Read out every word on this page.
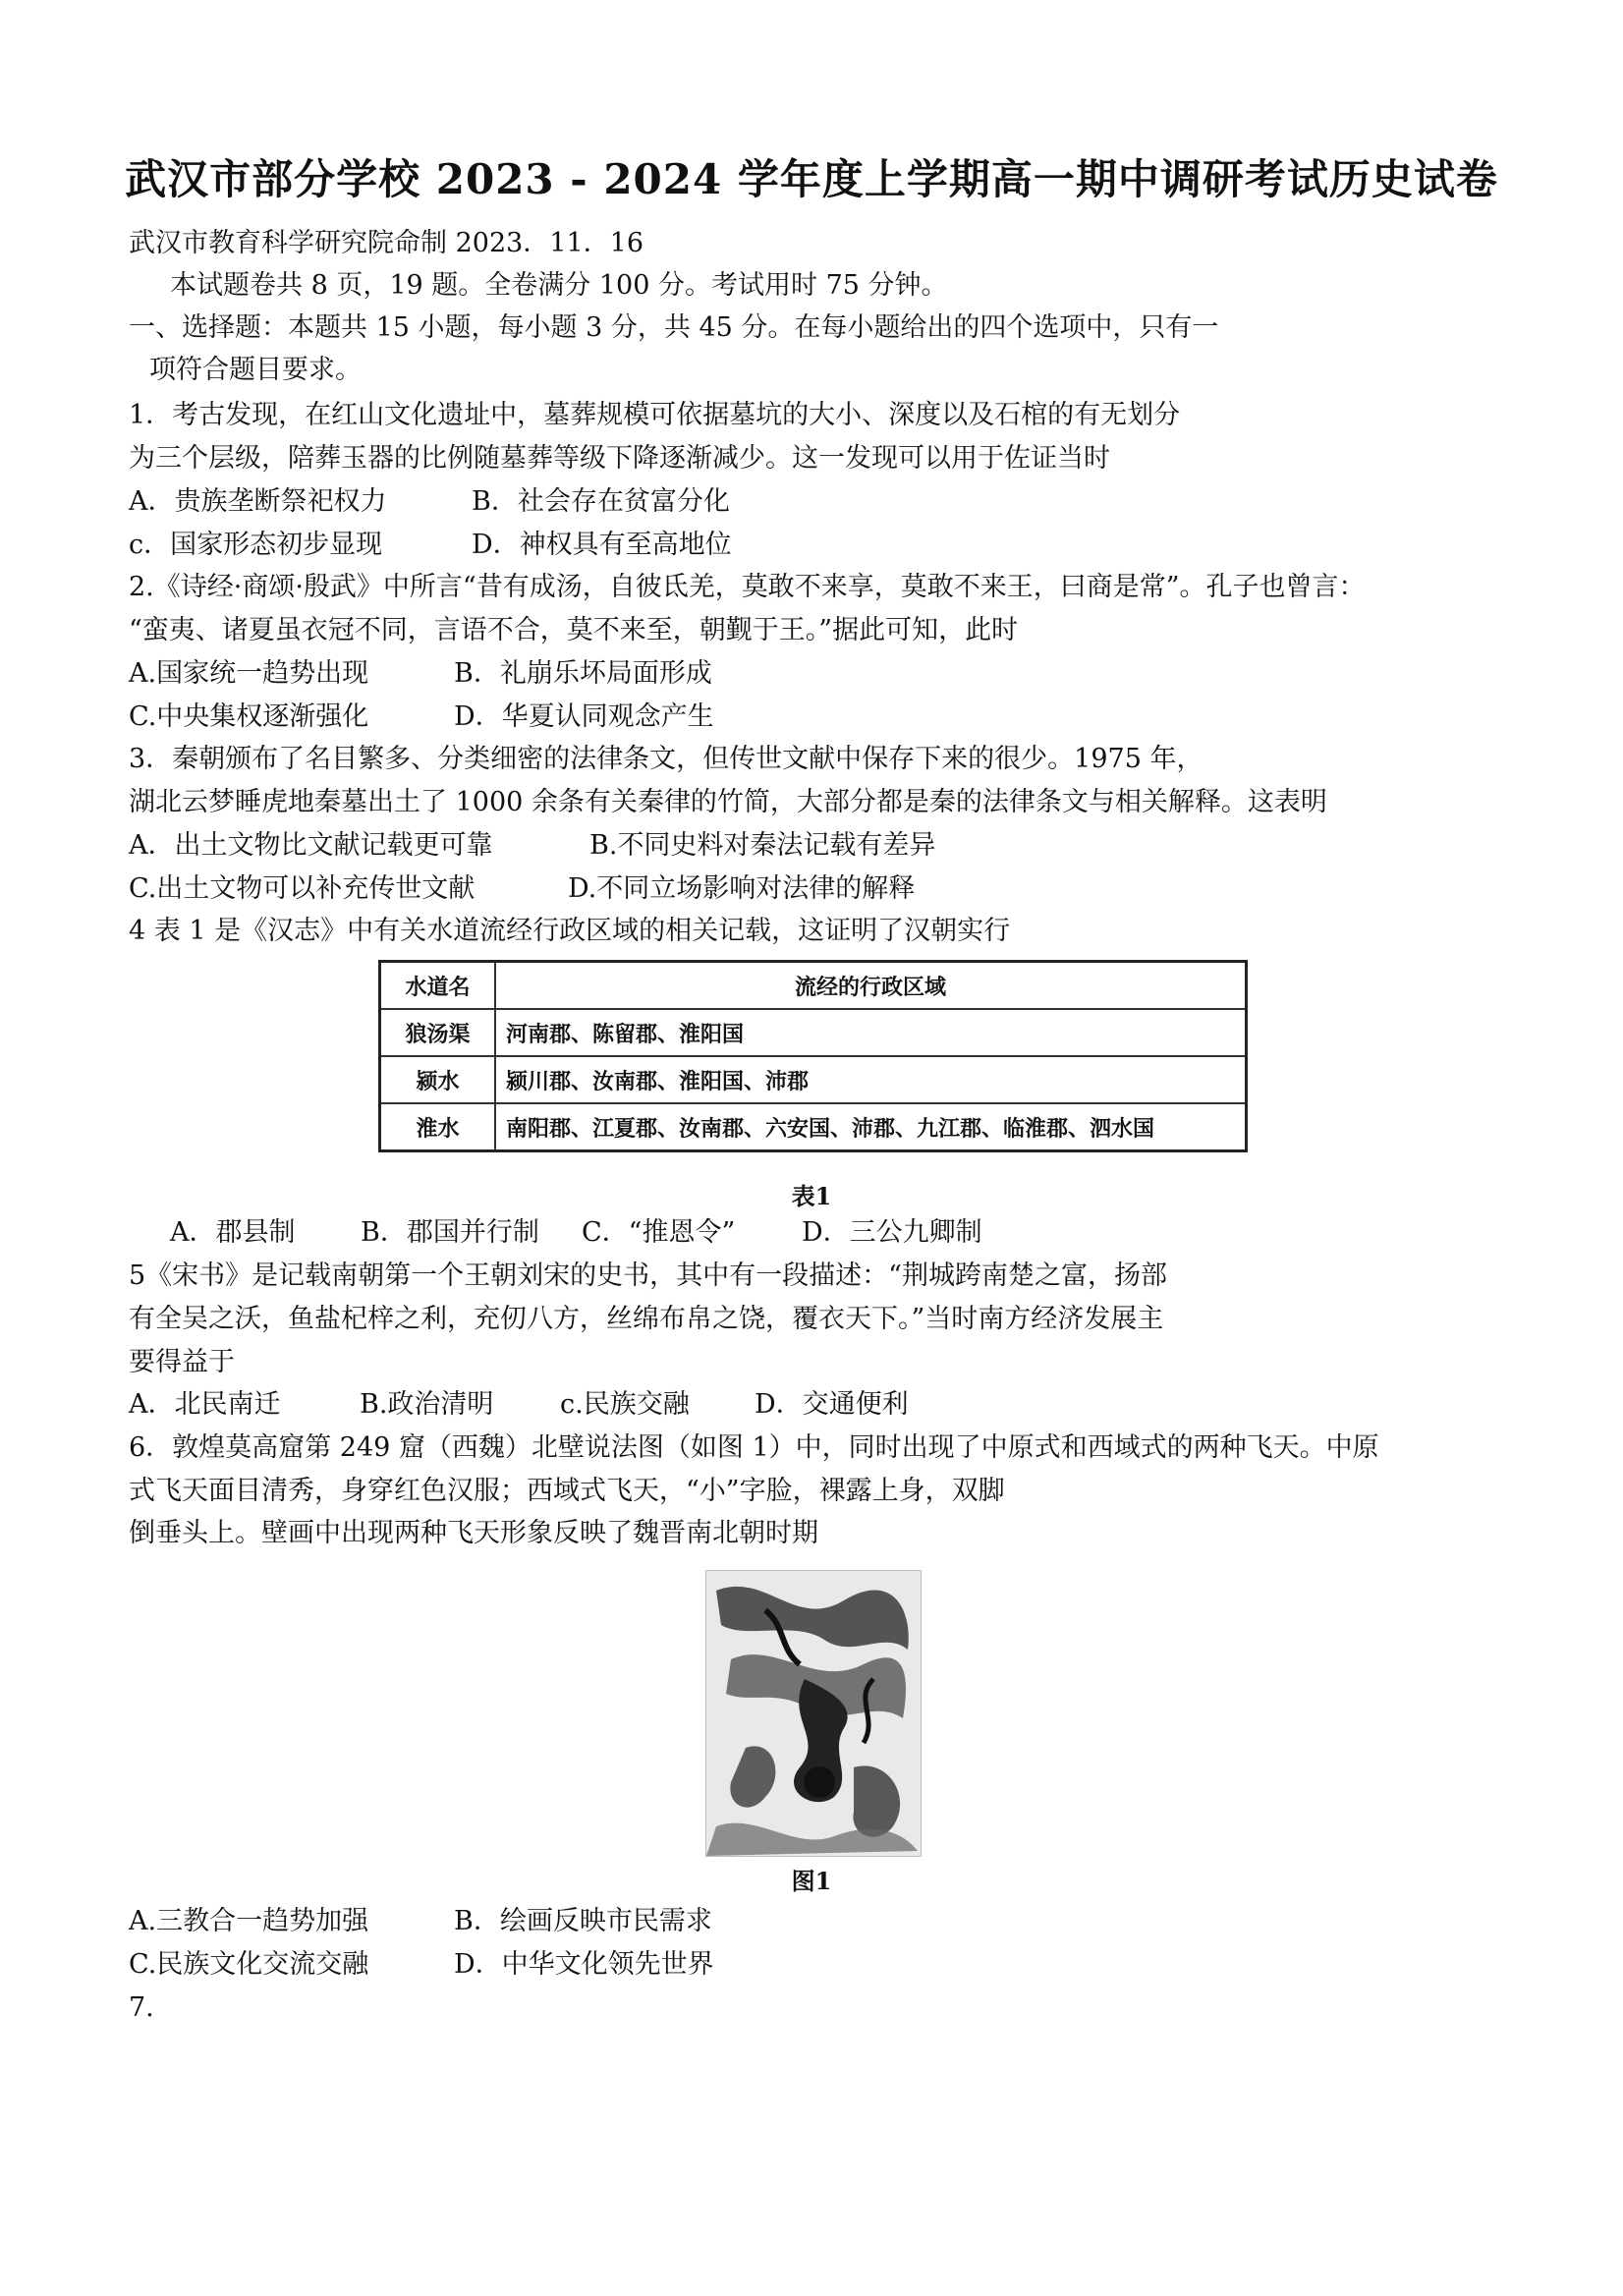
武汉市部分学校 2023 - 2024 学年度上学期高一期中调研考试历史试卷
武汉市教育科学研究院命制 2023．11．16
本试题卷共 8 页，19 题。全卷满分 100 分。考试用时 75 分钟。
一、选择题：本题共 15 小题，每小题 3 分，共 45 分。在每小题给出的四个选项中，只有一
项符合题目要求。
1．考古发现，在红山文化遗址中，墓葬规模可依据墓坑的大小、深度以及石棺的有无划分
为三个层级，陪葬玉器的比例随墓葬等级下降逐渐减少。这一发现可以用于佐证当时
A．贵族垄断祭祀权力	B．社会存在贫富分化
c．国家形态初步显现	D．神权具有至高地位
2.《诗经·商颂·殷武》中所言“昔有成汤，自彼氐羌，莫敢不来享，莫敢不来王，曰商是常”。孔子也曾言：
“蛮夷、诸夏虽衣冠不同，言语不合，莫不来至，朝觐于王。”据此可知，此时
A.国家统一趋势出现	B．礼崩乐坏局面形成
C.中央集权逐渐强化	D．华夏认同观念产生
3．秦朝颁布了名目繁多、分类细密的法律条文，但传世文献中保存下来的很少。1975 年，
湖北云梦睡虎地秦墓出土了 1000 余条有关秦律的竹简，大部分都是秦的法律条文与相关解释。这表明
A．出土文物比文献记载更可靠	B.不同史料对秦法记载有差异
C.出土文物可以补充传世文献	D.不同立场影响对法律的解释
4 表 1 是《汉志》中有关水道流经行政区域的相关记载，这证明了汉朝实行
水道名	流经的行政区域
狼汤渠	河南郡、陈留郡、淮阳国
颍水	颍川郡、汝南郡、淮阳国、沛郡
淮水	南阳郡、江夏郡、汝南郡、六安国、沛郡、九江郡、临淮郡、泗水国
表1
A．郡县制 B．郡国并行制 C．“推恩令”	D．三公九卿制
5《宋书》是记载南朝第一个王朝刘宋的史书，其中有一段描述：“荆城跨南楚之富，扬部
有全吴之沃，鱼盐杞梓之利，充仞八方，丝绵布帛之饶，覆衣天下。”当时南方经济发展主
要得益于
A．北民南迁	B.政治清明	c.民族交融 D．交通便利
6．敦煌莫高窟第 249 窟（西魏）北壁说法图（如图 1）中，同时出现了中原式和西域式的两种飞天。中原
式飞天面目清秀，身穿红色汉服；西域式飞天，“小”字脸，裸露上身，双脚
倒垂头上。壁画中出现两种飞天形象反映了魏晋南北朝时期
图1
A.三教合一趋势加强	B．绘画反映市民需求
C.民族文化交流交融	D．中华文化领先世界
7.
